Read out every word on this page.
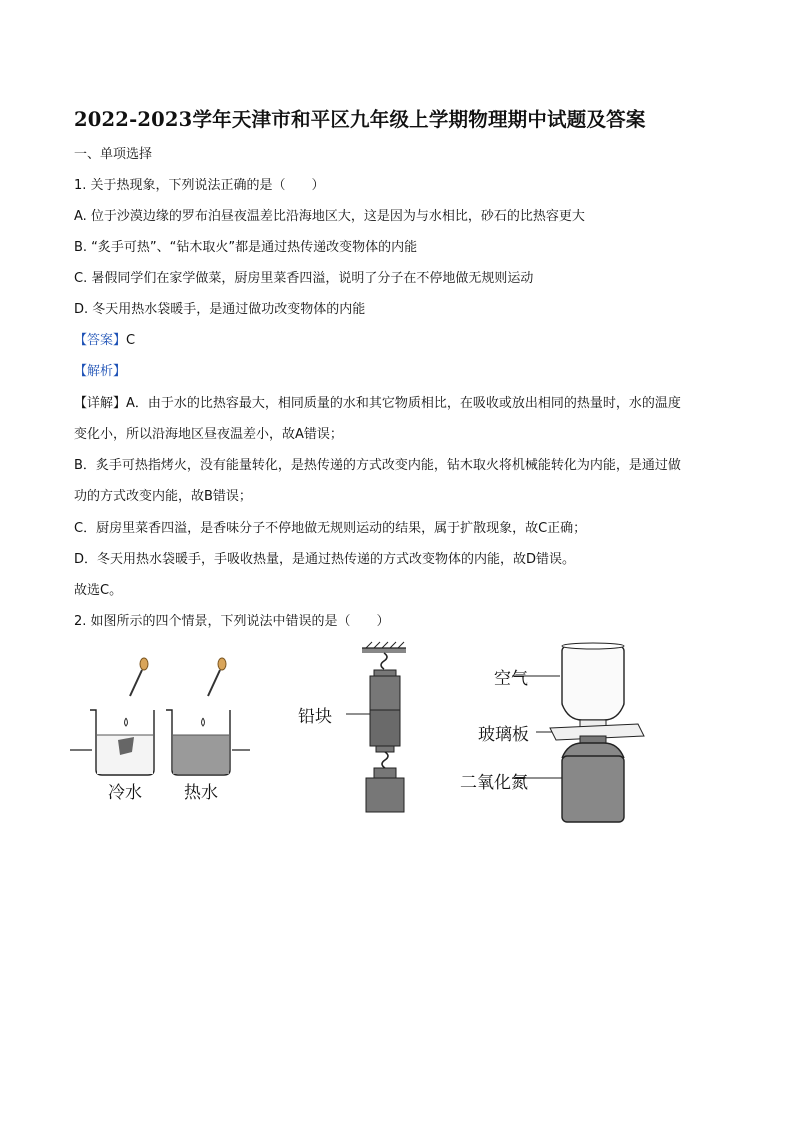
2022-2023学年天津市和平区九年级上学期物理期中试题及答案
一、单项选择
1. 关于热现象，下列说法正确的是（　　）
A. 位于沙漠边缘的罗布泊昼夜温差比沿海地区大，这是因为与水相比，砂石的比热容更大
B. “炙手可热”、“钻木取火”都是通过热传递改变物体的内能
C. 暑假同学们在家学做菜，厨房里菜香四溢，说明了分子在不停地做无规则运动
D. 冬天用热水袋暖手，是通过做功改变物体的内能
【答案】C
【解析】
【详解】A．由于水的比热容最大，相同质量的水和其它物质相比，在吸收或放出相同的热量时，水的温度
变化小，所以沿海地区昼夜温差小，故A错误；
B．炙手可热指烤火，没有能量转化，是热传递的方式改变内能，钻木取火将机械能转化为内能，是通过做
功的方式改变内能，故B错误；
C．厨房里菜香四溢，是香味分子不停地做无规则运动的结果，属于扩散现象，故C正确；
D．冬天用热水袋暖手，手吸收热量，是通过热传递的方式改变物体的内能，故D错误。
故选C。
2. 如图所示的四个情景，下列说法中错误的是（　　）
冷水 热水
铅块
空气
玻璃板
二氧化氮
